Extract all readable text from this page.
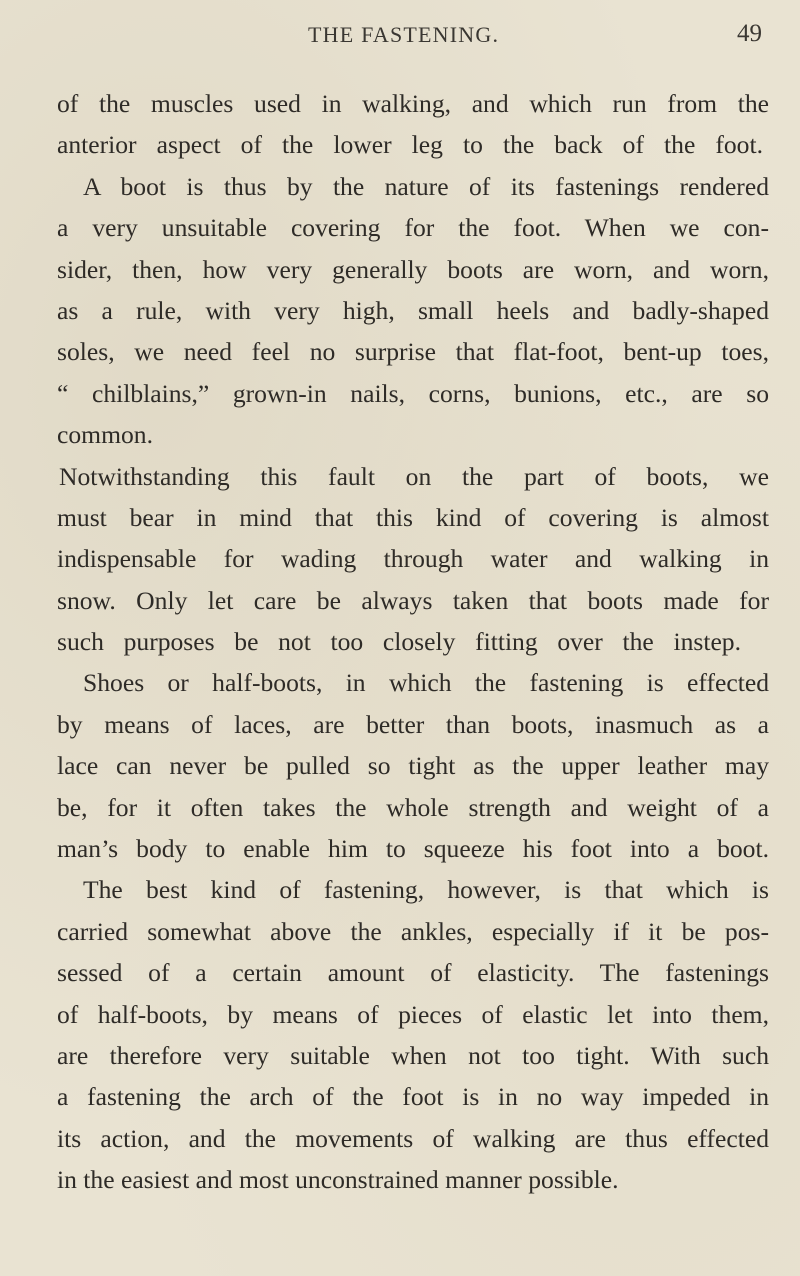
THE FASTENING.	49
of the muscles used in walking, and which run from the
anterior aspect of the lower leg to the back of the foot.
A boot is thus by the nature of its fastenings rendered
a very unsuitable covering for the foot. When we con-
sider, then, how very generally boots are worn, and worn,
as a rule, with very high, small heels and badly-shaped
soles, we need feel no surprise that flat-foot, bent-up toes,
“ chilblains,” grown-in nails, corns, bunions, etc., are so
common.
Notwithstanding this fault on the part of boots, we
must bear in mind that this kind of covering is almost
indispensable for wading through water and walking in
snow. Only let care be always taken that boots made for
such purposes be not too closely fitting over the instep.
Shoes or half-boots, in which the fastening is effected
by means of laces, are better than boots, inasmuch as a
lace can never be pulled so tight as the upper leather may
be, for it often takes the whole strength and weight of a
man’s body to enable him to squeeze his foot into a boot.
The best kind of fastening, however, is that which is
carried somewhat above the ankles, especially if it be pos-
sessed of a certain amount of elasticity. The fastenings
of half-boots, by means of pieces of elastic let into them,
are therefore very suitable when not too tight. With such
a fastening the arch of the foot is in no way impeded in
its action, and the movements of walking are thus effected
in the easiest and most unconstrained manner possible.
